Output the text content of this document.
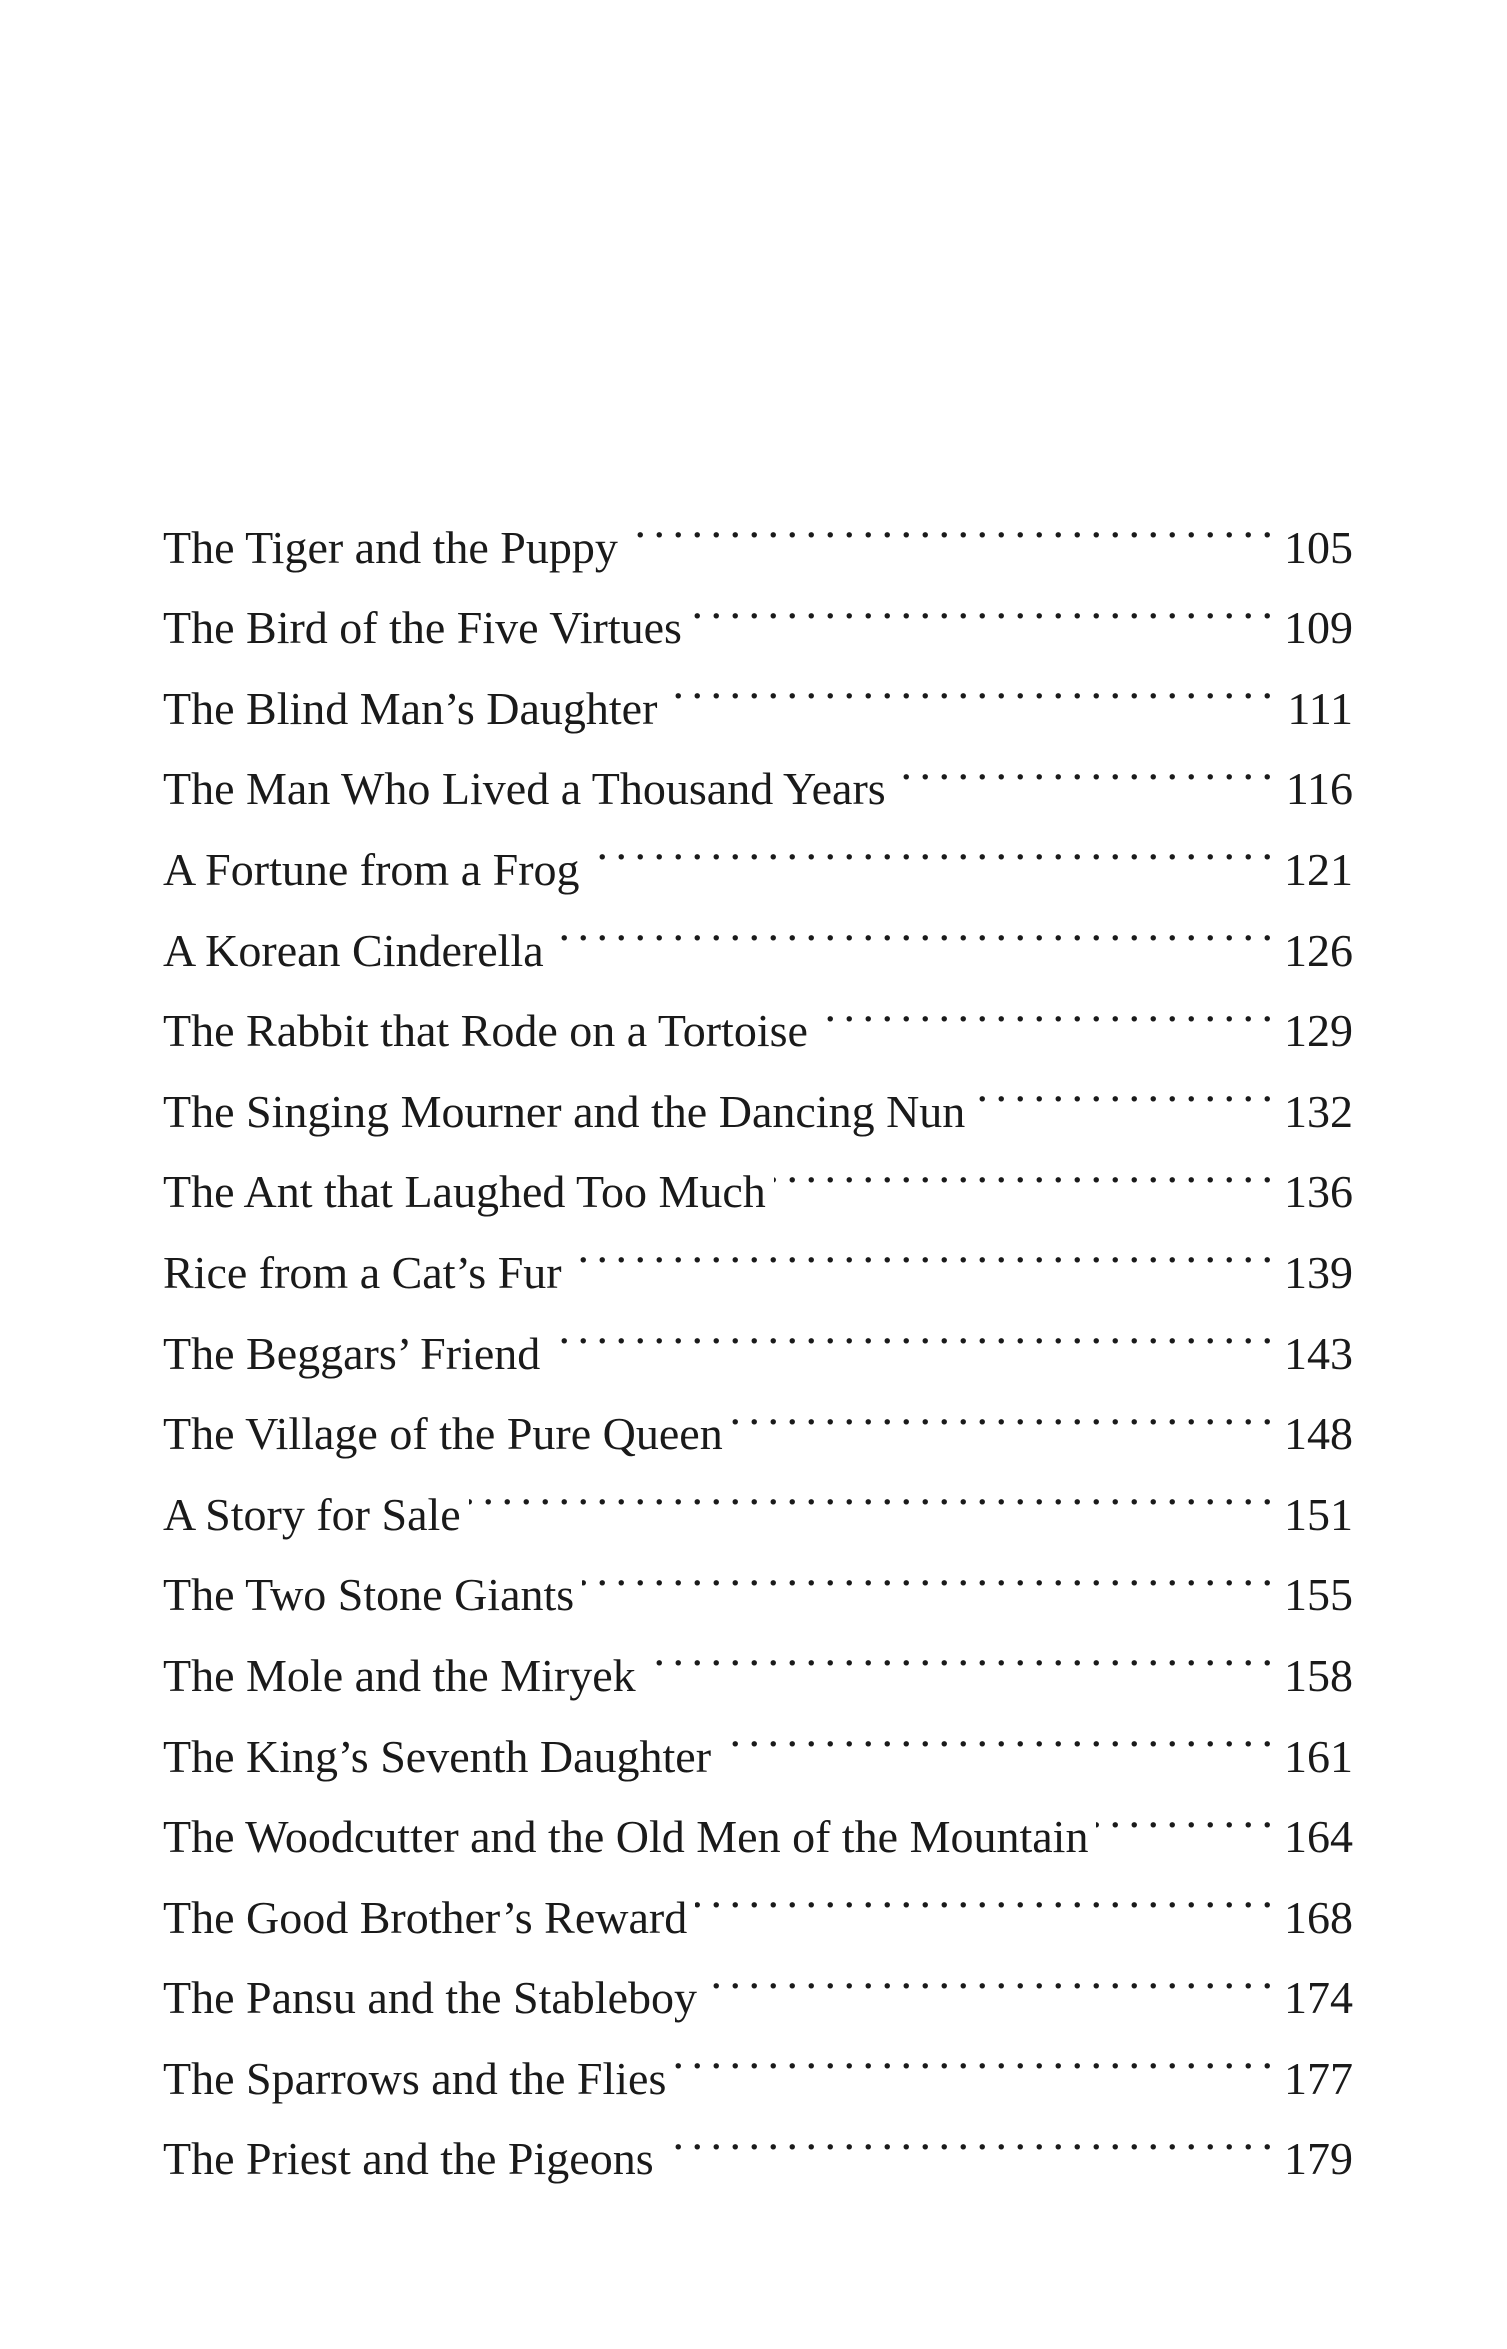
The Tiger and the Puppy . . .	105
The Bird of the Five Virtues . . .	109
The Blind Man’s Daughter . . .	111
The Man Who Lived a Thousand Years . . .	116
A Fortune from a Frog . . .	121
A Korean Cinderella . . .	126
The Rabbit that Rode on a Tortoise . . .	129
The Singing Mourner and the Dancing Nun . . .	132
The Ant that Laughed Too Much . . .	136
Rice from a Cat’s Fur . . .	139
The Beggars’ Friend . . .	143
The Village of the Pure Queen . . .	148
A Story for Sale . . .	151
The Two Stone Giants . . .	155
The Mole and the Miryek . . .	158
The King’s Seventh Daughter . . .	161
The Woodcutter and the Old Men of the Mountain . . .	164
The Good Brother’s Reward . . .	168
The Pansu and the Stableboy . . .	174
The Sparrows and the Flies . . .	177
The Priest and the Pigeons . . .	179
